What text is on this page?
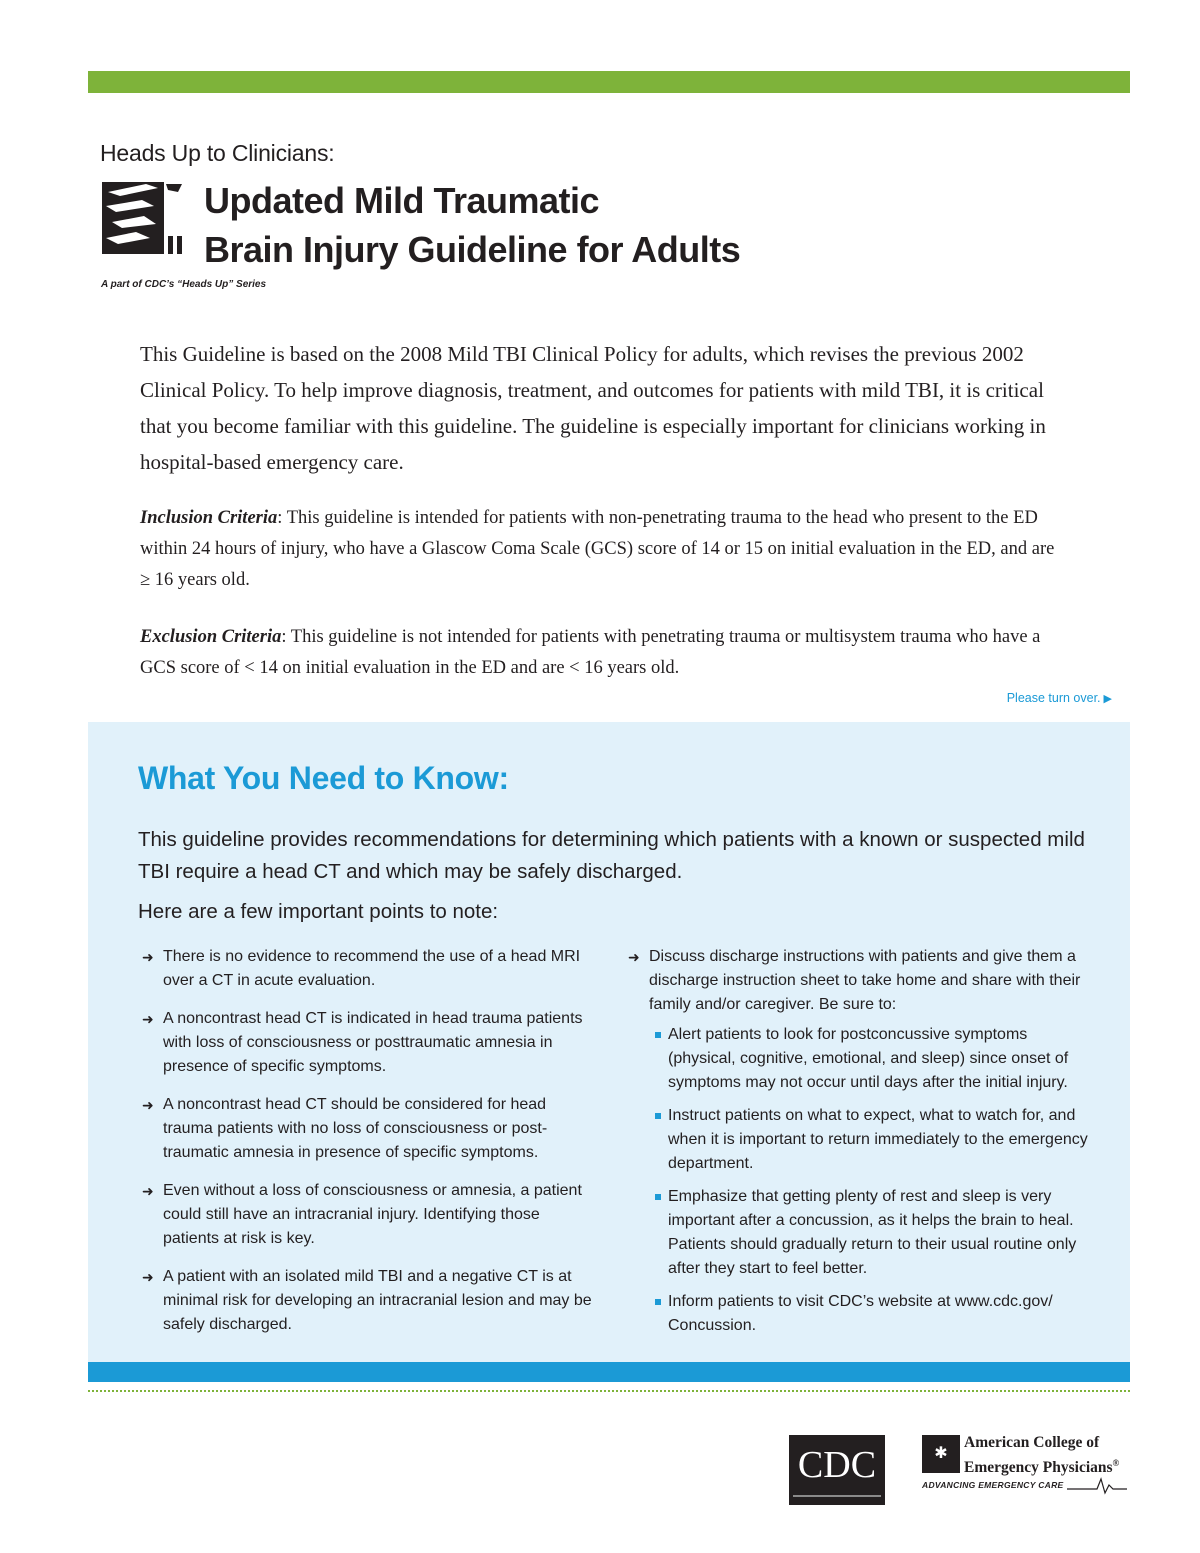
Heads Up to Clinicians:
Updated Mild Traumatic
Brain Injury Guideline for Adults
A part of CDC’s “Heads Up” Series

This Guideline is based on the 2008 Mild TBI Clinical Policy for adults, which revises the previous 2002 Clinical Policy. To help improve diagnosis, treatment, and outcomes for patients with mild TBI, it is critical that you become familiar with this guideline. The guideline is especially important for clinicians working in hospital-based emergency care.

Inclusion Criteria: This guideline is intended for patients with non-penetrating trauma to the head who present to the ED within 24 hours of injury, who have a Glascow Coma Scale (GCS) score of 14 or 15 on initial evaluation in the ED, and are ≥ 16 years old.

Exclusion Criteria: This guideline is not intended for patients with penetrating trauma or multisystem trauma who have a GCS score of < 14 on initial evaluation in the ED and are < 16 years old.

Please turn over. ▶
What You Need to Know:

This guideline provides recommendations for determining which patients with a known or suspected mild TBI require a head CT and which may be safely discharged.

Here are a few important points to note:

➜ There is no evidence to recommend the use of a head MRI over a CT in acute evaluation.
➜ A noncontrast head CT is indicated in head trauma patients with loss of consciousness or posttraumatic amnesia in presence of specific symptoms.
➜ A noncontrast head CT should be considered for head trauma patients with no loss of consciousness or post-traumatic amnesia in presence of specific symptoms.
➜ Even without a loss of consciousness or amnesia, a patient could still have an intracranial injury. Identifying those patients at risk is key.
➜ A patient with an isolated mild TBI and a negative CT is at minimal risk for developing an intracranial lesion and may be safely discharged.
➜ Discuss discharge instructions with patients and give them a discharge instruction sheet to take home and share with their family and/or caregiver. Be sure to:
Alert patients to look for postconcussive symptoms (physical, cognitive, emotional, and sleep) since onset of symptoms may not occur until days after the initial injury.
Instruct patients on what to expect, what to watch for, and when it is important to return immediately to the emergency department.
Emphasize that getting plenty of rest and sleep is very important after a concussion, as it helps the brain to heal. Patients should gradually return to their usual routine only after they start to feel better.
Inform patients to visit CDC’s website at www.cdc.gov/ Concussion.
CDC	✱
American College of
Emergency Physicians®
ADVANCING EMERGENCY CARE
